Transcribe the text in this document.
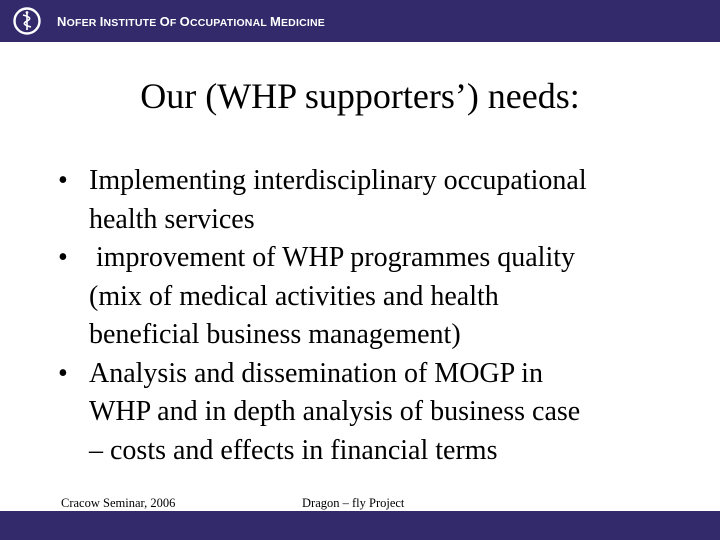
NOFER INSTITUTE OF OCCUPATIONAL MEDICINE
Our (WHP supporters’) needs:
• Implementing interdisciplinary occupational
health services
• improvement of WHP programmes quality
(mix of medical activities and health
beneficial business management)
• Analysis and dissemination of MOGP in
WHP and in depth analysis of business case
– costs and effects in financial terms
Cracow Seminar, 2006	Dragon – fly Project
